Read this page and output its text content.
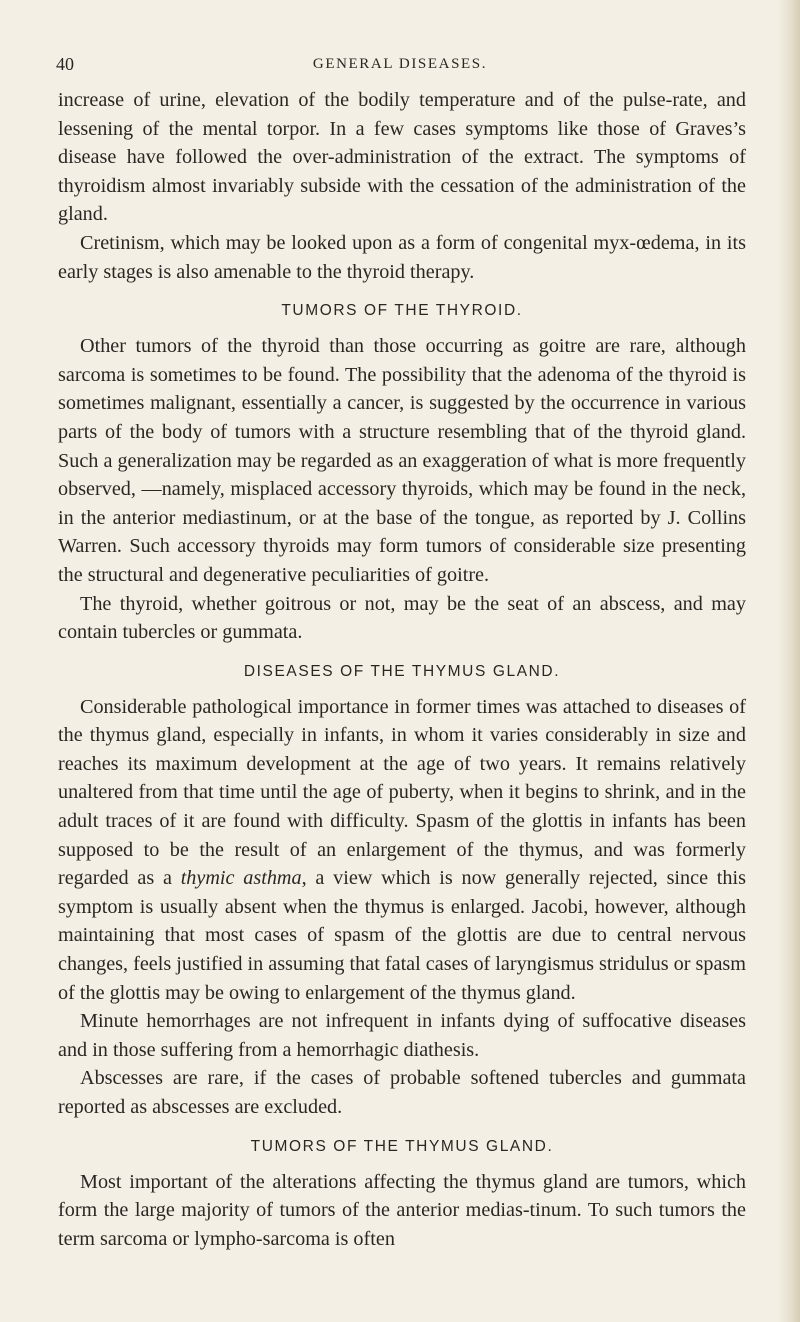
40	GENERAL DISEASES.

increase of urine, elevation of the bodily temperature and of the pulse-rate, and lessening of the mental torpor. In a few cases symptoms like those of Graves’s disease have followed the over-administration of the extract. The symptoms of thyroidism almost invariably subside with the cessation of the administration of the gland.

Cretinism, which may be looked upon as a form of congenital myx-œdema, in its early stages is also amenable to the thyroid therapy.

TUMORS OF THE THYROID.

Other tumors of the thyroid than those occurring as goitre are rare, although sarcoma is sometimes to be found. The possibility that the adenoma of the thyroid is sometimes malignant, essentially a cancer, is suggested by the occurrence in various parts of the body of tumors with a structure resembling that of the thyroid gland. Such a generalization may be regarded as an exaggeration of what is more frequently observed, —namely, misplaced accessory thyroids, which may be found in the neck, in the anterior mediastinum, or at the base of the tongue, as reported by J. Collins Warren. Such accessory thyroids may form tumors of considerable size presenting the structural and degenerative peculiarities of goitre.

The thyroid, whether goitrous or not, may be the seat of an abscess, and may contain tubercles or gummata.

DISEASES OF THE THYMUS GLAND.

Considerable pathological importance in former times was attached to diseases of the thymus gland, especially in infants, in whom it varies considerably in size and reaches its maximum development at the age of two years. It remains relatively unaltered from that time until the age of puberty, when it begins to shrink, and in the adult traces of it are found with difficulty. Spasm of the glottis in infants has been supposed to be the result of an enlargement of the thymus, and was formerly regarded as a thymic asthma, a view which is now generally rejected, since this symptom is usually absent when the thymus is enlarged. Jacobi, however, although maintaining that most cases of spasm of the glottis are due to central nervous changes, feels justified in assuming that fatal cases of laryngismus stridulus or spasm of the glottis may be owing to enlargement of the thymus gland.

Minute hemorrhages are not infrequent in infants dying of suffocative diseases and in those suffering from a hemorrhagic diathesis.

Abscesses are rare, if the cases of probable softened tubercles and gummata reported as abscesses are excluded.

TUMORS OF THE THYMUS GLAND.

Most important of the alterations affecting the thymus gland are tumors, which form the large majority of tumors of the anterior medias-tinum. To such tumors the term sarcoma or lympho-sarcoma is often
